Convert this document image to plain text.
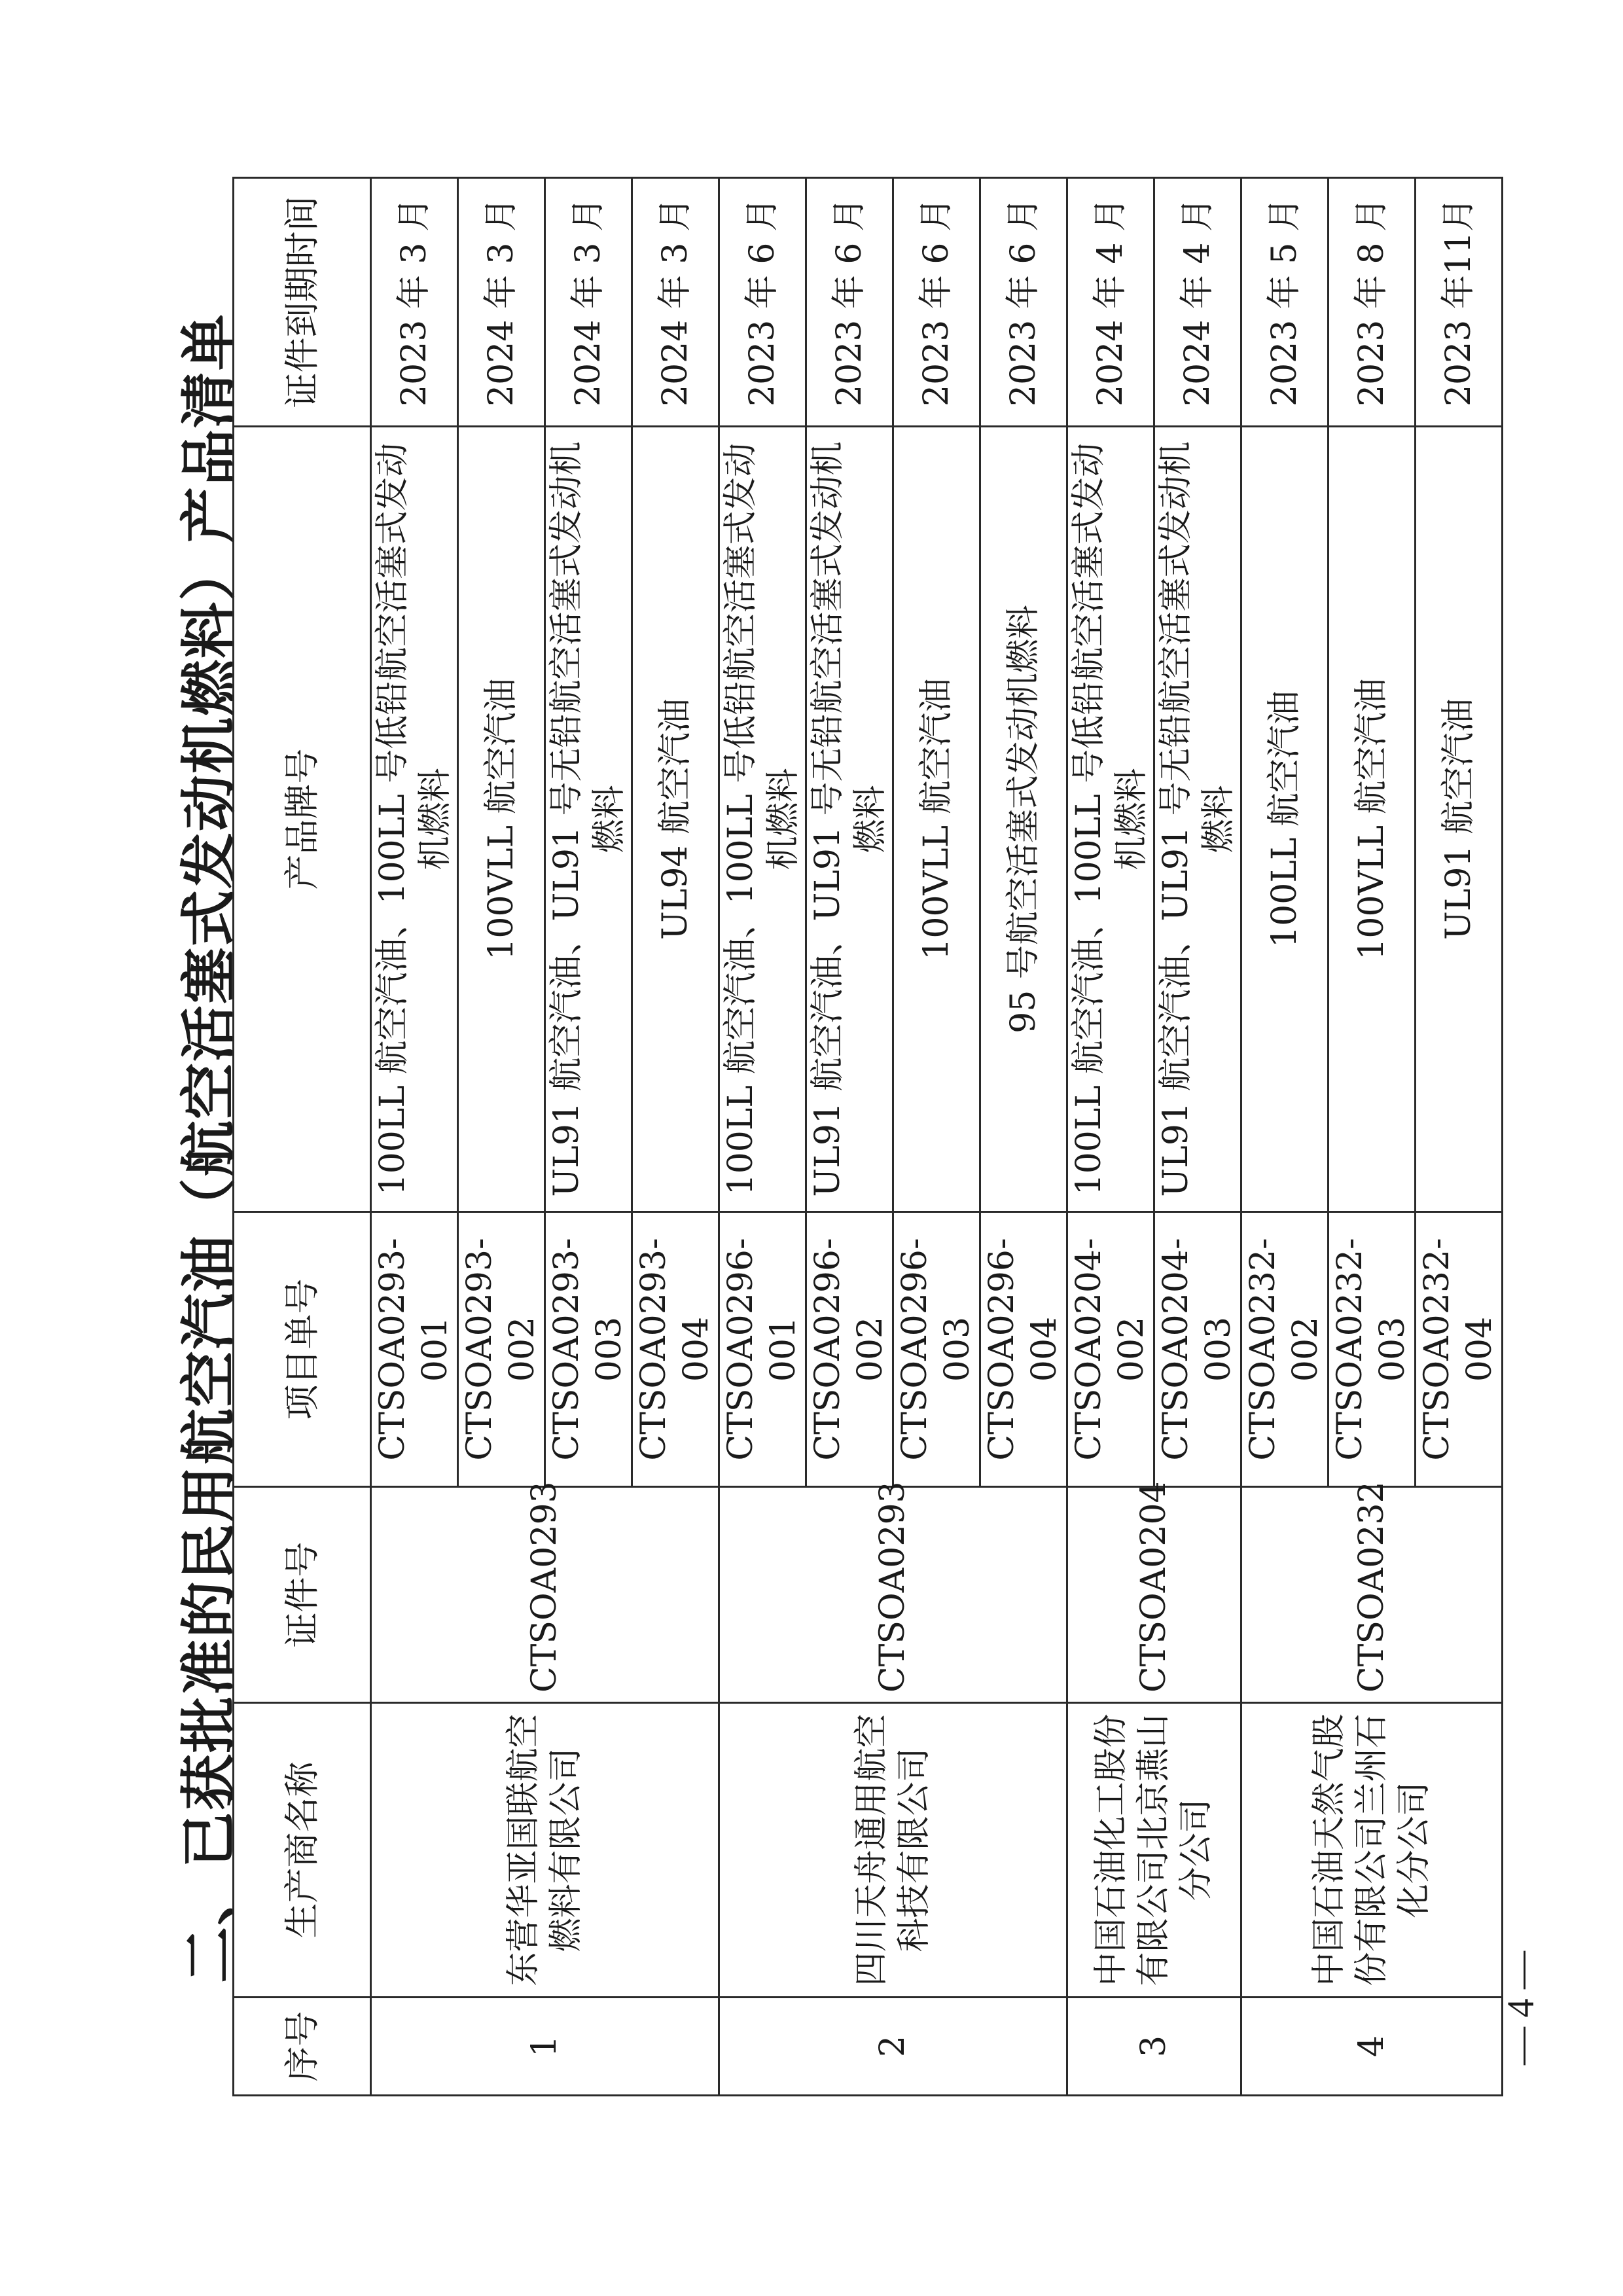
二、已获批准的民用航空汽油（航空活塞式发动机燃料）产品清单
序号	生产商名称	证件号	项目单号	产品牌号	证件到期时间
1	东营华亚国联航空燃料有限公司	CTSOA0293	CTSOA0293-001	100LL 航空汽油、100LL 号低铅航空活塞式发动机燃料	2023 年 3 月
			CTSOA0293-002	100VLL 航空汽油	2024 年 3 月
			CTSOA0293-003	UL91 航空汽油、UL91 号无铅航空活塞式发动机燃料	2024 年 3 月
			CTSOA0293-004	UL94 航空汽油	2024 年 3 月
2	四川天舟通用航空科技有限公司	CTSOA0293	CTSOA0296-001	100LL 航空汽油、100LL 号低铅航空活塞式发动机燃料	2023 年 6 月
			CTSOA0296-002	UL91 航空汽油、UL91 号无铅航空活塞式发动机燃料	2023 年 6 月
			CTSOA0296-003	100VLL 航空汽油	2023 年 6 月
			CTSOA0296-004	95 号航空活塞式发动机燃料	2023 年 6 月
3	中国石油化工股份有限公司北京燕山分公司	CTSOA0204	CTSOA0204-002	100LL 航空汽油、100LL 号低铅航空活塞式发动机燃料	2024 年 4 月
			CTSOA0204-003	UL91 航空汽油、UL91 号无铅航空活塞式发动机燃料	2024 年 4 月
4	中国石油天然气股份有限公司兰州石化分公司	CTSOA0232	CTSOA0232-002	100LL 航空汽油	2023 年 5 月
			CTSOA0232-003	100VLL 航空汽油	2023 年 8 月
			CTSOA0232-004	UL91 航空汽油	2023 年11月
— 4 —
